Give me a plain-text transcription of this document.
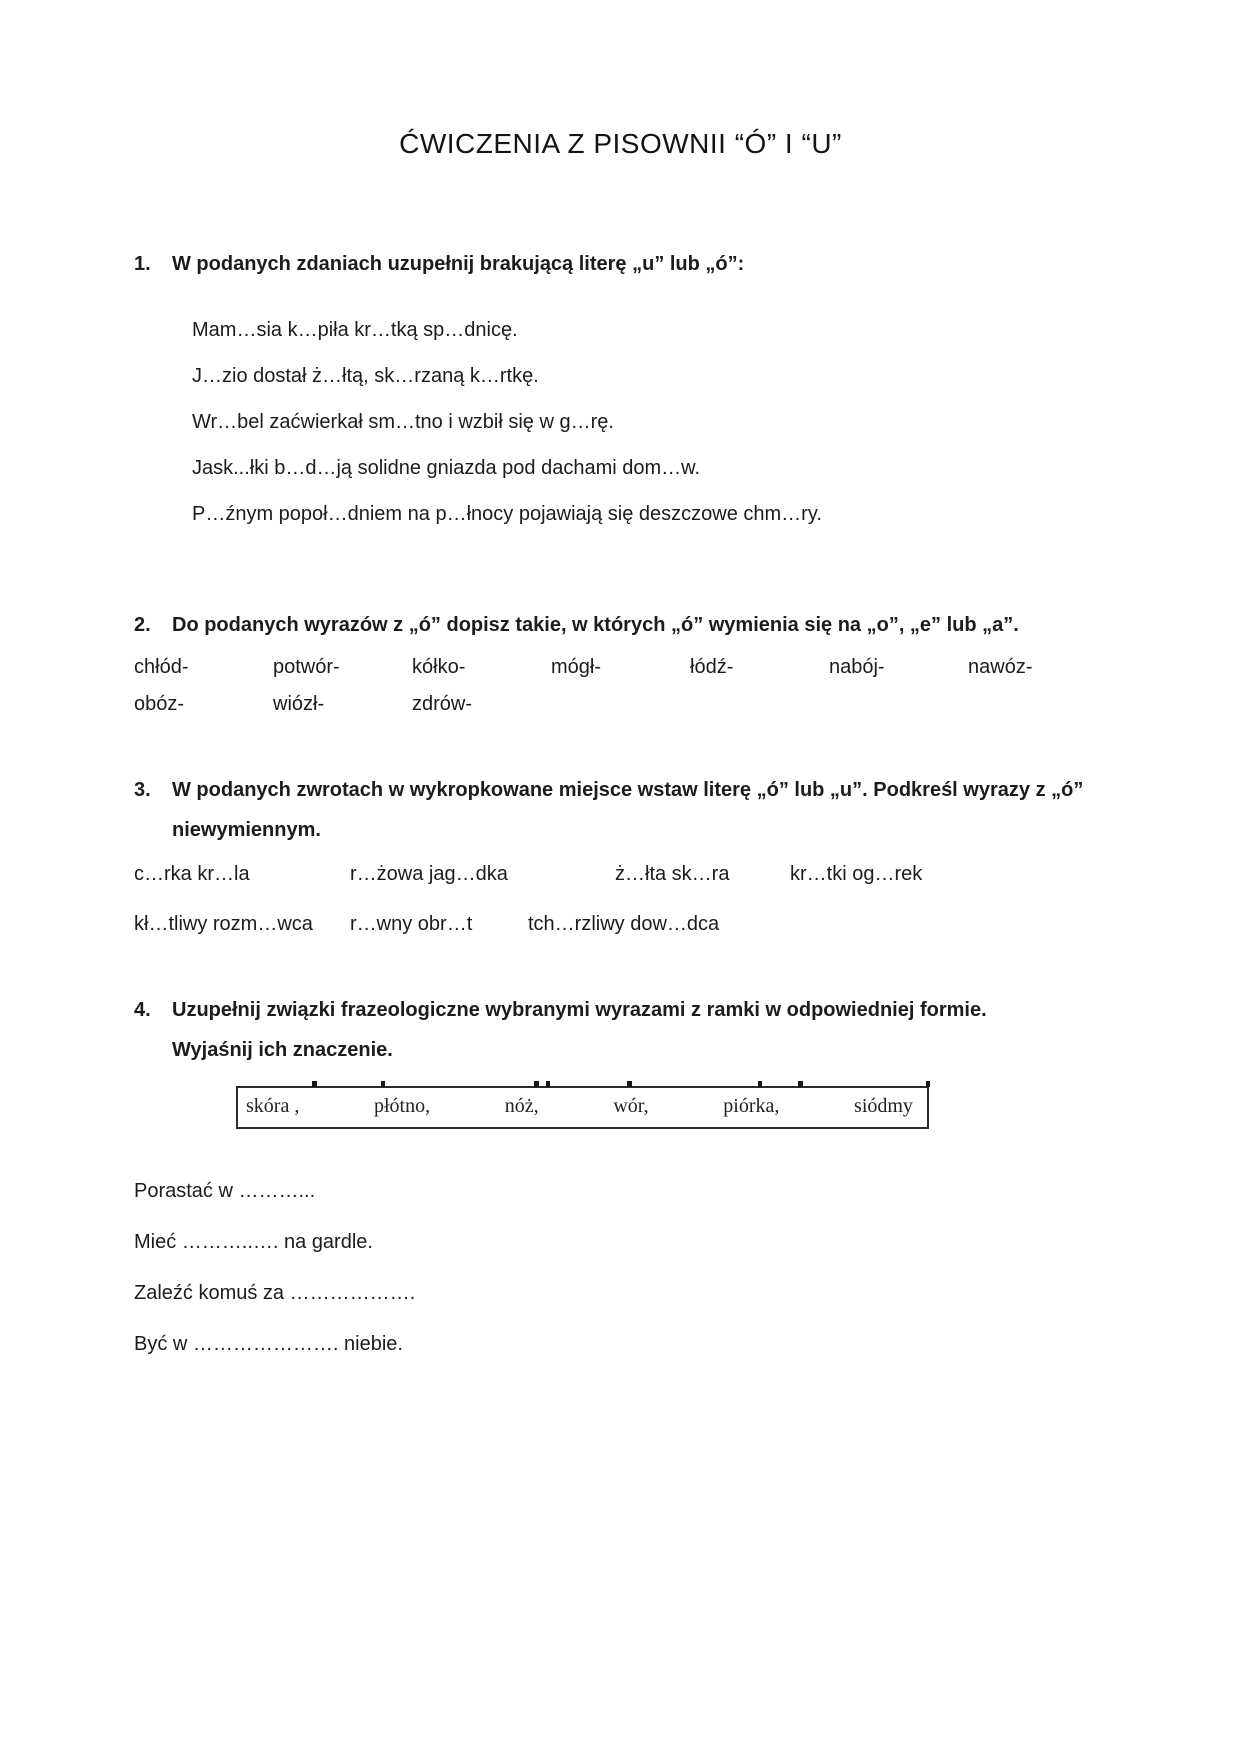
ĆWICZENIA Z PISOWNII “Ó” I “U”
1.	W podanych zdaniach uzupełnij brakującą literę „u” lub „ó”:

Mam…sia k…piła kr…tką sp…dnicę.

J…zio dostał ż…łtą, sk…rzaną k…rtkę.

Wr…bel zaćwierkał sm…tno i wzbił się w g…rę.

Jask...łki b…d…ją solidne gniazda pod dachami dom…w.

P…źnym popoł…dniem na p…łnocy pojawiają się deszczowe chm…ry.

2.	Do podanych wyrazów z „ó” dopisz takie, w których „ó” wymienia się na „o”, „e” lub „a”.

chłód-	potwór-	kółko-	mógł-	łódź-	nabój-	nawóz-
obóz-	wiózł-	zdrów-
3.	W podanych zwrotach w wykropkowane miejsce wstaw literę „ó” lub „u”. Podkreśl wyrazy z „ó” niewymiennym.

c…rka kr…la	r…żowa jag…dka	ż…łta sk…ra	kr…tki og…rek
kł…tliwy rozm…wca	r…wny obr…t	tch…rzliwy dow…dca
4.	Uzupełnij związki frazeologiczne wybranymi wyrazami z ramki w odpowiedniej formie.
Wyjaśnij ich znaczenie.

skóra ,	płótno,	nóż,	wór,	piórka,	siódmy

Porastać w ………...

Mieć ………..…. na gardle.

Zaleźć komuś za ……………….

Być w …………………. niebie.
